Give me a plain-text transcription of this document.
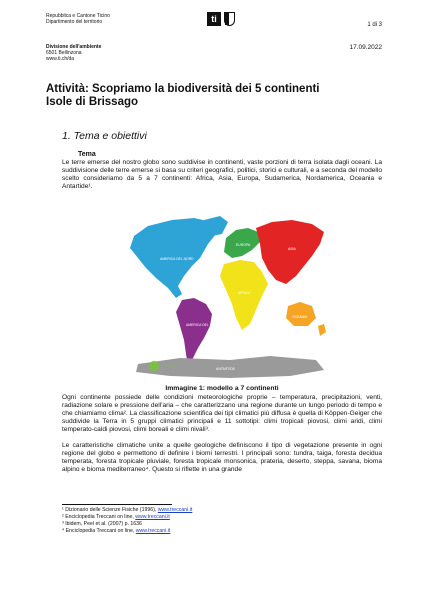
Repubblica e Cantone Ticino
Dipartimento del territorio	ti
1 di 3
Divisione dell'ambiente
6501 Bellinzona
www.ti.ch/da
17.09.2022
Attività: Scopriamo la biodiversità dei 5 continenti
Isole di Brissago
1. Tema e obiettivi
Tema
Le terre emerse del nostro globo sono suddivise in continenti, vaste porzioni di terra isolata dagli oceani. La suddivisione delle terre emerse si basa su criteri geografici, politici, storici e culturali, e a seconda del modello scelto consideriamo da 5 a 7 continenti: Africa, Asia, Europa, Sudamerica, Nordamerica, Oceania e Antartide¹.
AMERICA DEL NORD
AMERICA DEL SUD
EUROPA
AFRICA
ASIA
OCEANIA
ANTARTIDE
i.e.bio
Immagine 1: modello a 7 continenti
Ogni continente possiede delle condizioni meteorologiche proprie – temperatura, precipitazioni, venti, radiazione solare e pressione dell'aria – che caratterizzano una regione durante un lungo periodo di tempo e che chiamiamo clima². La classificazione scientifica dei tipi climatici più diffusa è quella di Köppen-Geiger che suddivide la Terra in 5 gruppi climatici principali e 11 sottotipi: climi tropicali piovosi, climi aridi, climi temperato-caldi piovosi, climi boreali e climi nivali³.
Le caratteristiche climatiche unite a quelle geologiche definiscono il tipo di vegetazione presente in ogni regione del globo e permettono di definire i biomi terrestri. I principali sono: tundra, taiga, foresta decidua temperata, foresta tropicale pluviale, foresta tropicale monsonica, prateria, deserto, steppa, savana, bioma alpino e bioma mediterraneo⁴. Questo si riflette in una grande
¹ Dizionario delle Scienze Fisiche (1996), www.treccani.it
² Enciclopedia Treccani on line, www.treccani.it
³ Ibidem, Peel et al. (2007) p. 1636
⁴ Enciclopedia Treccani on line, www.treccani.it
